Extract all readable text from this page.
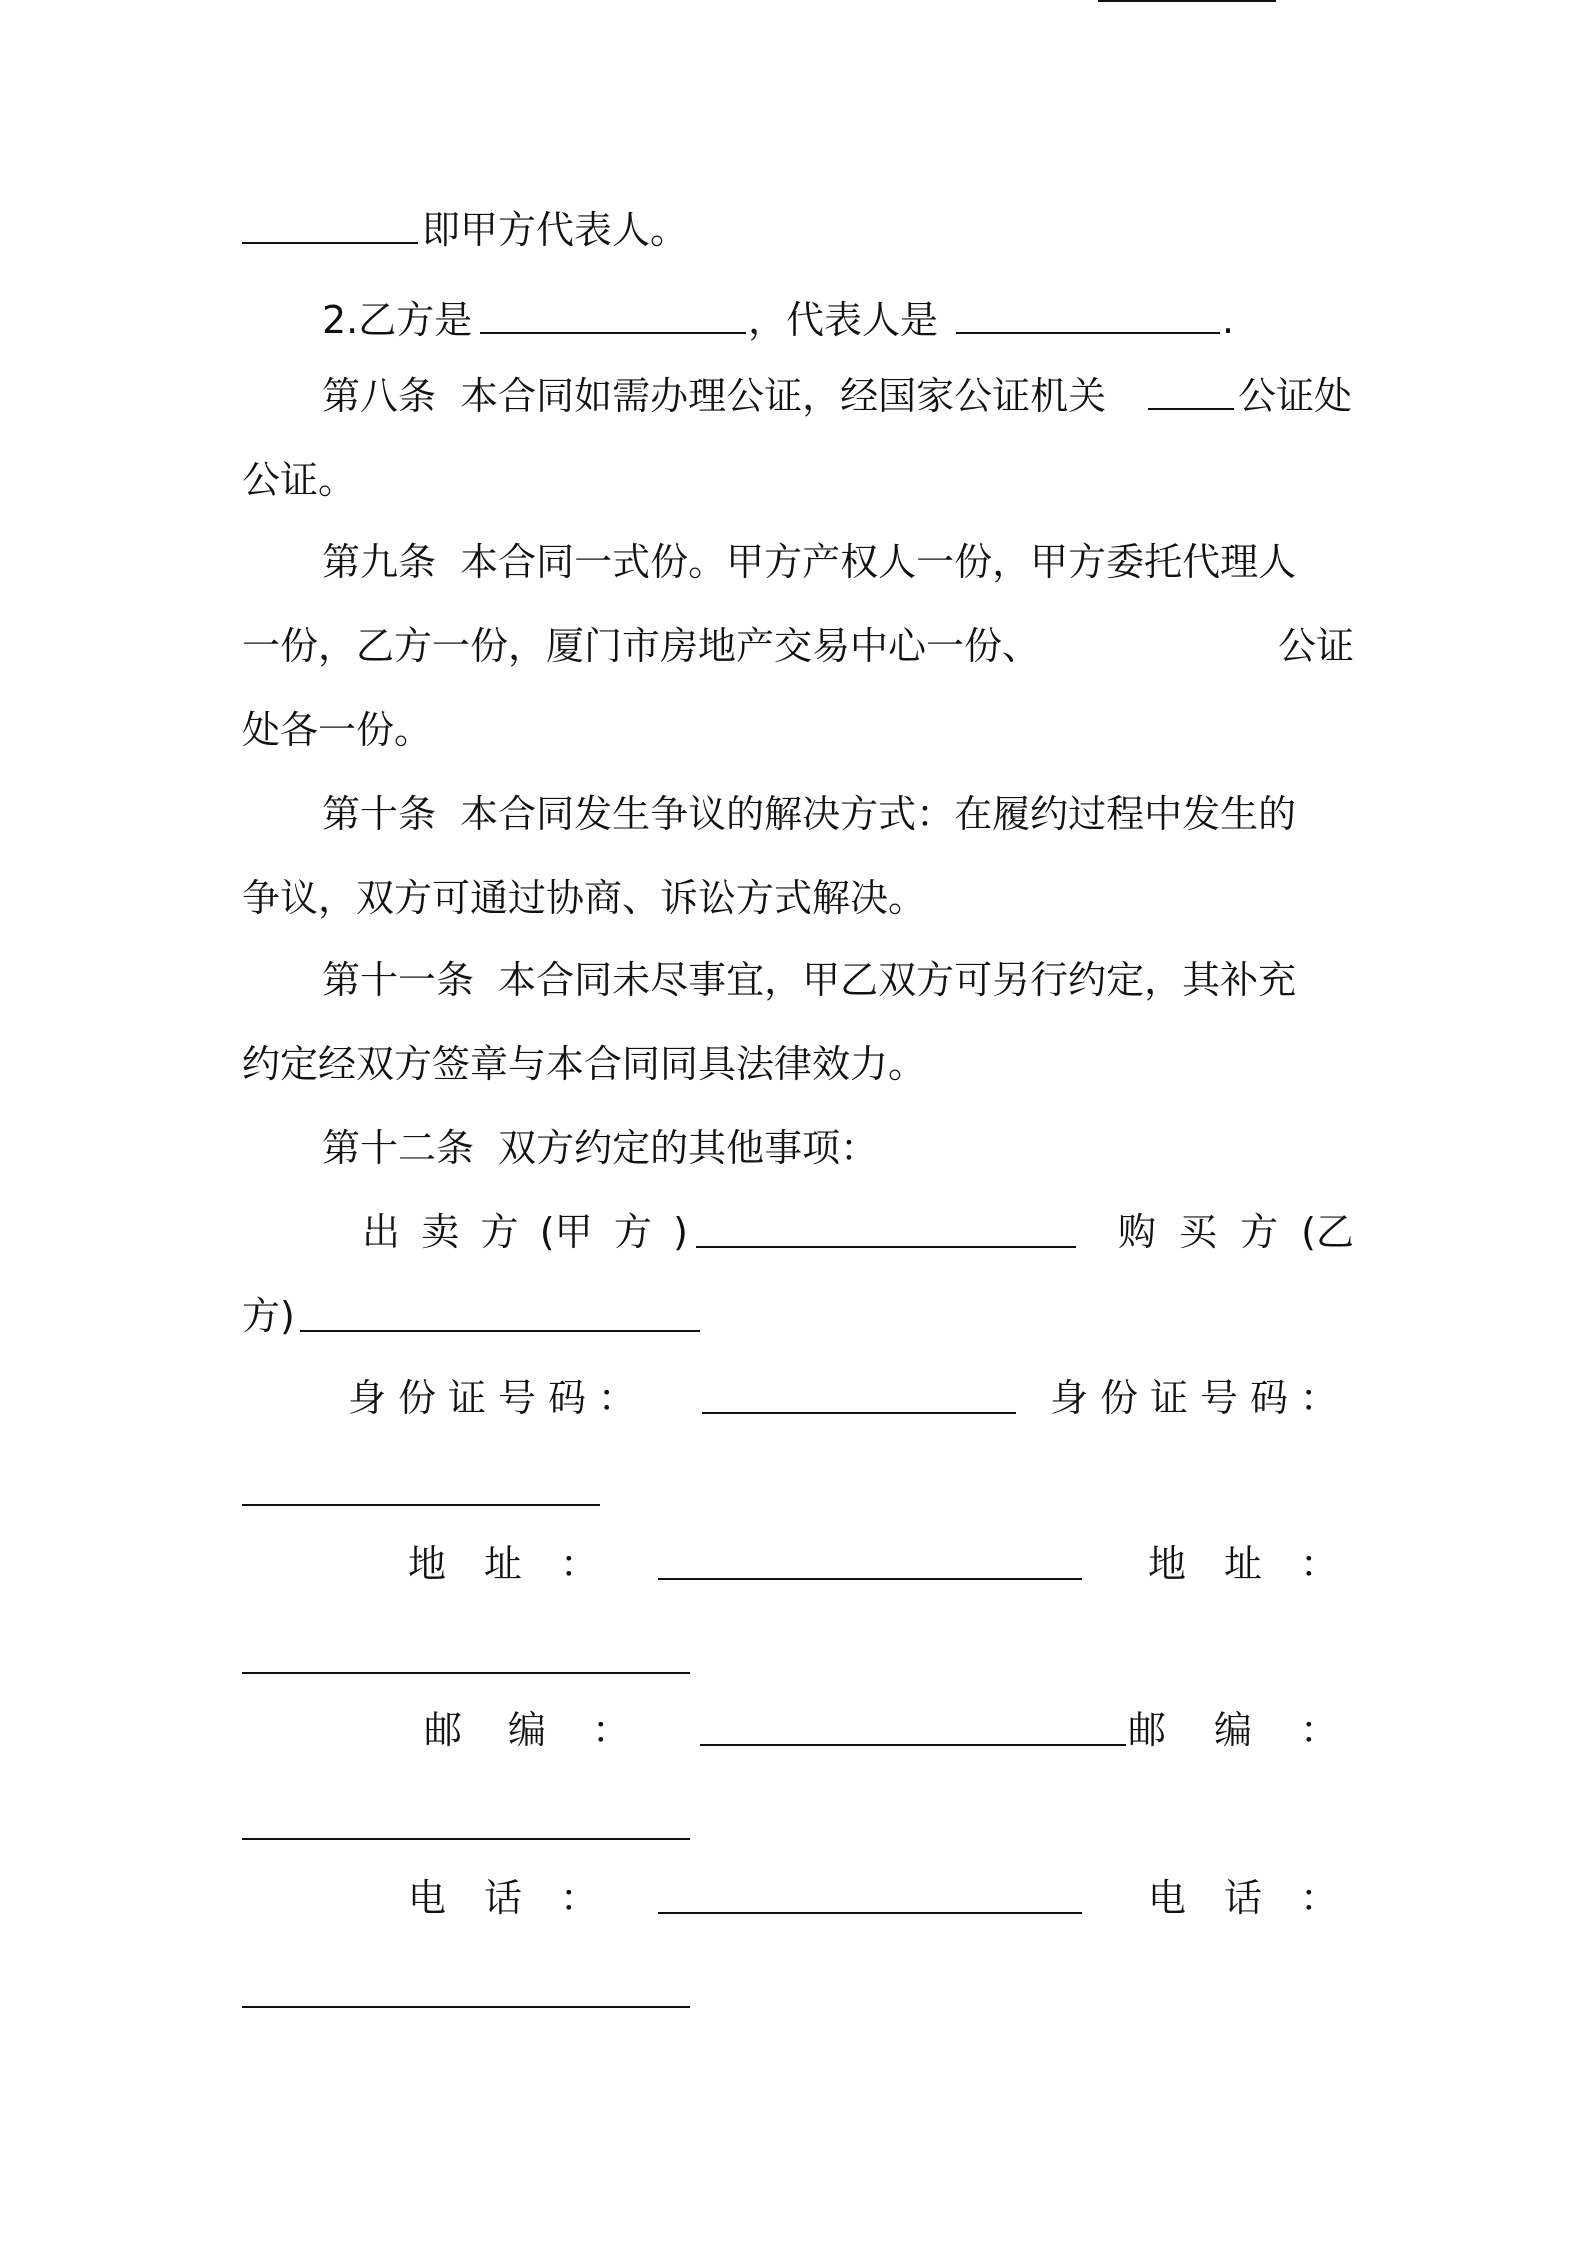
即甲方代表人。
2.乙方是	，代表人是	.
第八条  本合同如需办理公证，经国家公证机关	公证处
公证。
第九条  本合同一式份。甲方产权人一份，甲方委托代理人
一份，乙方一份，厦门市房地产交易中心一份、	公证
处各一份。
第十条  本合同发生争议的解决方式：在履约过程中发生的
争议，双方可通过协商、诉讼方式解决。
第十一条  本合同未尽事宜，甲乙双方可另行约定，其补充
约定经双方签章与本合同同具法律效力。
第十二条  双方约定的其他事项：
出 卖 方 (甲 方 )	购 买 方 (乙
方)
身 份 证 号 码 ：	身 份 证 号 码 ：
地 址 ：	地 址 ：
邮 编 ：	邮 编 ：
电 话 ：	电 话 ：
